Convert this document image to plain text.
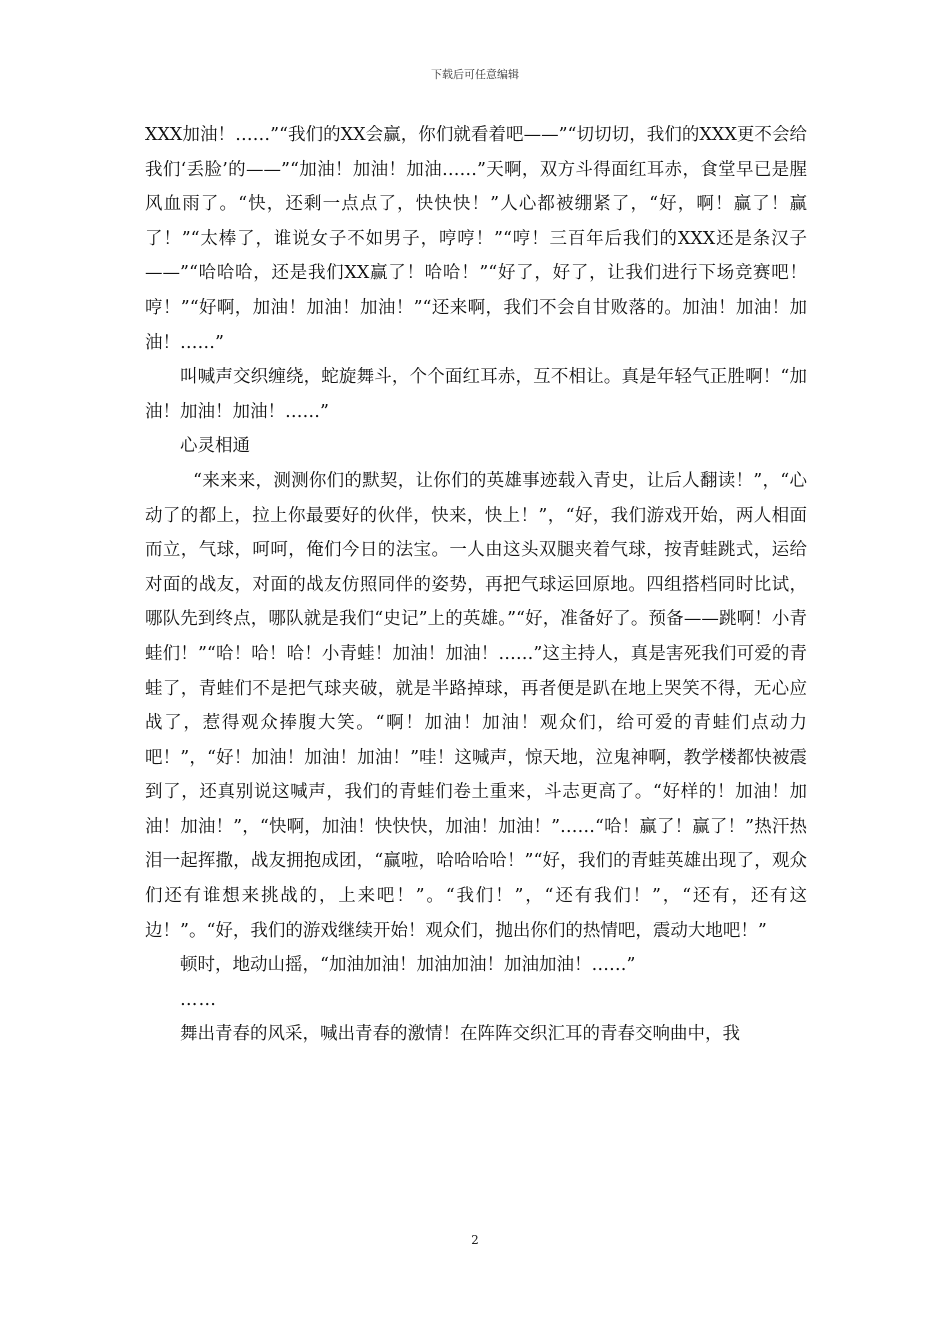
下载后可任意编辑

XXX加油！……”“我们的XX会赢，你们就看着吧——”“切切切，我们的XXX更不会给我们‘丢脸’的——”“加油！加油！加油……”天啊，双方斗得面红耳赤，食堂早已是腥风血雨了。“快，还剩一点点了，快快快！”人心都被绷紧了，“好，啊！赢了！赢了！”“太棒了，谁说女子不如男子，哼哼！”“哼！三百年后我们的XXX还是条汉子——”“哈哈哈，还是我们XX赢了！哈哈！”“好了，好了，让我们进行下场竞赛吧！哼！”“好啊，加油！加油！加油！”“还来啊，我们不会自甘败落的。加油！加油！加油！……”

叫喊声交织缠绕，蛇旋舞斗，个个面红耳赤，互不相让。真是年轻气正胜啊！“加油！加油！加油！……”

心灵相通

“来来来，测测你们的默契，让你们的英雄事迹载入青史，让后人翻读！”，“心动了的都上，拉上你最要好的伙伴，快来，快上！”，“好，我们游戏开始，两人相面而立，气球，呵呵，俺们今日的法宝。一人由这头双腿夹着气球，按青蛙跳式，运给对面的战友，对面的战友仿照同伴的姿势，再把气球运回原地。四组搭档同时比试，哪队先到终点，哪队就是我们“史记”上的英雄。”“好，准备好了。预备——跳啊！小青蛙们！”“哈！哈！哈！小青蛙！加油！加油！……”这主持人，真是害死我们可爱的青蛙了，青蛙们不是把气球夹破，就是半路掉球，再者便是趴在地上哭笑不得，无心应战了，惹得观众捧腹大笑。“啊！加油！加油！观众们，给可爱的青蛙们点动力吧！”，“好！加油！加油！加油！”哇！这喊声，惊天地，泣鬼神啊，教学楼都快被震到了，还真别说这喊声，我们的青蛙们卷土重来，斗志更高了。“好样的！加油！加油！加油！”，“快啊，加油！快快快，加油！加油！”……“哈！赢了！赢了！”热汗热泪一起挥撒，战友拥抱成团，“赢啦，哈哈哈哈！”“好，我们的青蛙英雄出现了，观众们还有谁想来挑战的，上来吧！”。“我们！”，“还有我们！”，“还有，还有这边！”。“好，我们的游戏继续开始！观众们，抛出你们的热情吧，震动大地吧！”

顿时，地动山摇，“加油加油！加油加油！加油加油！……”

……

舞出青春的风采，喊出青春的激情！在阵阵交织汇耳的青春交响曲中，我

2
